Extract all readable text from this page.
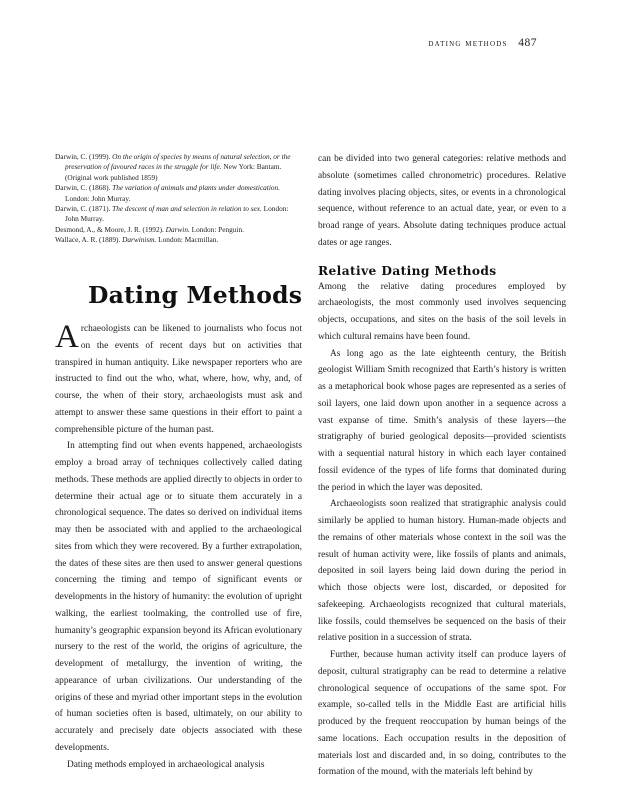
dating methods 487
Darwin, C. (1999). On the origin of species by means of natural selection, or the preservation of favoured races in the struggle for life. New York: Bantam. (Original work published 1859)
Darwin, C. (1868). The variation of animals and plants under domestication. London: John Murray.
Darwin, C. (1871). The descent of man and selection in relation to sex. London: John Murray.
Desmond, A., & Moore, J. R. (1992). Darwin. London: Penguin.
Wallace, A. R. (1889). Darwinism. London: Macmillan.
Dating Methods

Archaeologists can be likened to journalists who focus not on the events of recent days but on activities that transpired in human antiquity. Like newspaper reporters who are instructed to find out the who, what, where, how, why, and, of course, the when of their story, archaeologists must ask and attempt to answer these same questions in their effort to paint a comprehensible picture of the human past.

In attempting find out when events happened, archaeologists employ a broad array of techniques collectively called dating methods. These methods are applied directly to objects in order to determine their actual age or to situate them accurately in a chronological sequence. The dates so derived on individual items may then be associated with and applied to the archaeological sites from which they were recovered. By a further extrapolation, the dates of these sites are then used to answer general questions concerning the timing and tempo of significant events or developments in the history of humanity: the evolution of upright walking, the earliest toolmaking, the controlled use of fire, humanity’s geographic expansion beyond its African evolutionary nursery to the rest of the world, the origins of agriculture, the development of metallurgy, the invention of writing, the appearance of urban civilizations. Our understanding of the origins of these and myriad other important steps in the evolution of human societies often is based, ultimately, on our ability to accurately and precisely date objects associated with these developments.

Dating methods employed in archaeological analysis

can be divided into two general categories: relative methods and absolute (sometimes called chronometric) procedures. Relative dating involves placing objects, sites, or events in a chronological sequence, without reference to an actual date, year, or even to a broad range of years. Absolute dating techniques produce actual dates or age ranges.

Relative Dating Methods

Among the relative dating procedures employed by archaeologists, the most commonly used involves sequencing objects, occupations, and sites on the basis of the soil levels in which cultural remains have been found.

As long ago as the late eighteenth century, the British geologist William Smith recognized that Earth’s history is written as a metaphorical book whose pages are represented as a series of soil layers, one laid down upon another in a sequence across a vast expanse of time. Smith’s analysis of these layers—the stratigraphy of buried geological deposits—provided scientists with a sequential natural history in which each layer contained fossil evidence of the types of life forms that dominated during the period in which the layer was deposited.

Archaeologists soon realized that stratigraphic analysis could similarly be applied to human history. Human-made objects and the remains of other materials whose context in the soil was the result of human activity were, like fossils of plants and animals, deposited in soil layers being laid down during the period in which those objects were lost, discarded, or deposited for safekeeping. Archaeologists recognized that cultural materials, like fossils, could themselves be sequenced on the basis of their relative position in a succession of strata.

Further, because human activity itself can produce layers of deposit, cultural stratigraphy can be read to determine a relative chronological sequence of occupations of the same spot. For example, so-called tells in the Middle East are artificial hills produced by the frequent reoccupation by human beings of the same locations. Each occupation results in the deposition of materials lost and discarded and, in so doing, contributes to the formation of the mound, with the materials left behind by
